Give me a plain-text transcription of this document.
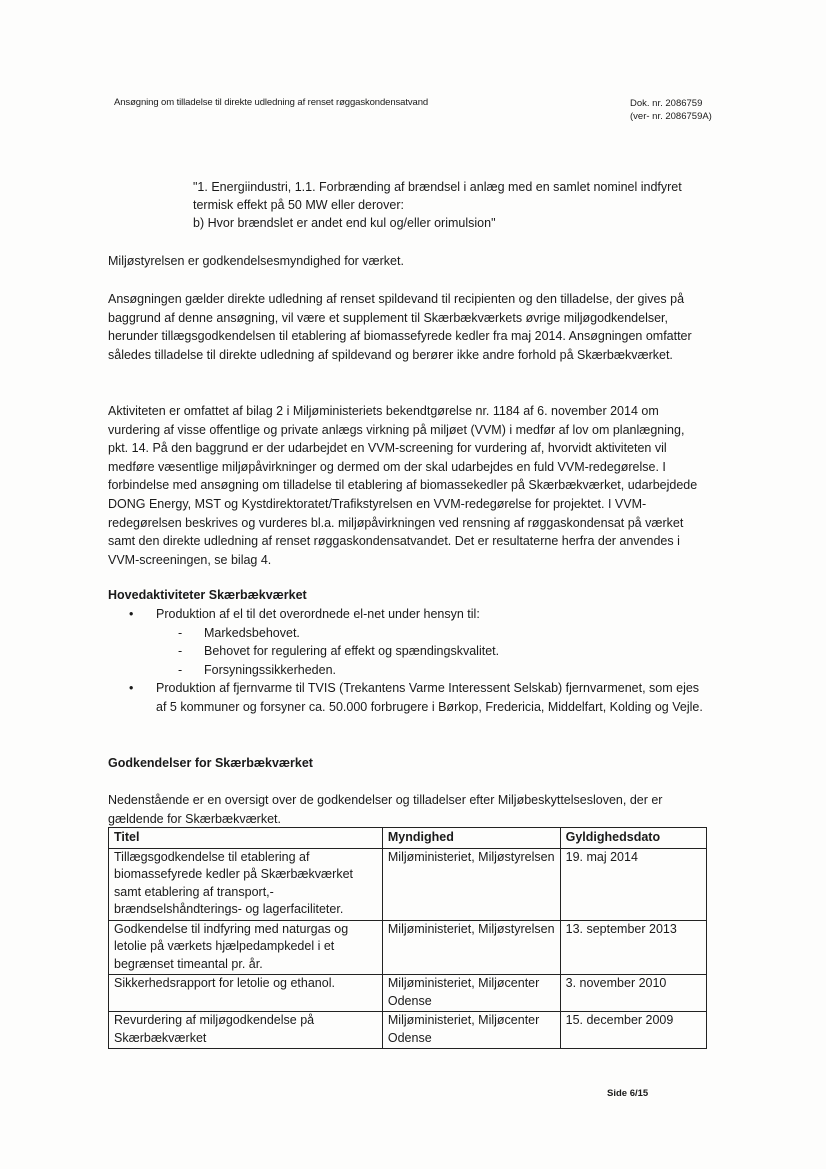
Ansøgning om tilladelse til direkte udledning af renset røggaskondensatvand	Dok. nr. 2086759
(ver- nr. 2086759A)
"1. Energiindustri, 1.1. Forbrænding af brændsel i anlæg med en samlet nominel indfyret termisk effekt på 50 MW eller derover:
b) Hvor brændslet er andet end kul og/eller orimulsion"

Miljøstyrelsen er godkendelsesmyndighed for værket.

Ansøgningen gælder direkte udledning af renset spildevand til recipienten og den tilladelse, der gives på baggrund af denne ansøgning, vil være et supplement til Skærbækværkets øvrige miljøgodkendelser, herunder tillægsgodkendelsen til etablering af biomassefyrede kedler fra maj 2014. Ansøgningen omfatter således tilladelse til direkte udledning af spildevand og berører ikke andre forhold på Skærbækværket.

Aktiviteten er omfattet af bilag 2 i Miljøministeriets bekendtgørelse nr. 1184 af 6. november 2014 om vurdering af visse offentlige og private anlægs virkning på miljøet (VVM) i medfør af lov om planlægning, pkt. 14. På den baggrund er der udarbejdet en VVM-screening for vurdering af, hvorvidt aktiviteten vil medføre væsentlige miljøpåvirkninger og dermed om der skal udarbejdes en fuld VVM-redegørelse. I forbindelse med ansøgning om tilladelse til etablering af biomassekedler på Skærbækværket, udarbejdede DONG Energy, MST og Kystdirektoratet/Trafikstyrelsen en VVM-redegørelse for projektet. I VVM-redegørelsen beskrives og vurderes bl.a. miljøpåvirkningen ved rensning af røggaskondensat på værket samt den direkte udledning af renset røggaskondensatvandet. Det er resultaterne herfra der anvendes i VVM-screeningen, se bilag 4.

Hovedaktiviteter Skærbækværket
• Produktion af el til det overordnede el-net under hensyn til:
- Markedsbehovet.
- Behovet for regulering af effekt og spændingskvalitet.
- Forsyningssikkerheden.
• Produktion af fjernvarme til TVIS (Trekantens Varme Interessent Selskab) fjernvarmenet, som ejes af 5 kommuner og forsyner ca. 50.000 forbrugere i Børkop, Fredericia, Middelfart, Kolding og Vejle.
Godkendelser for Skærbækværket

Nedenstående er en oversigt over de godkendelser og tilladelser efter Miljøbeskyttelsesloven, der er gældende for Skærbækværket.

Titel	Myndighed	Gyldighedsdato
Tillægsgodkendelse til etablering af biomassefyrede kedler på Skærbækværket samt etablering af transport,- brændselshåndterings- og lagerfaciliteter.	Miljøministeriet, Miljøstyrelsen	19. maj 2014
Godkendelse til indfyring med naturgas og letolie på værkets hjælpedampkedel i et begrænset timeantal pr. år.	Miljøministeriet, Miljøstyrelsen	13. september 2013
Sikkerhedsrapport for letolie og ethanol.	Miljøministeriet, Miljøcenter Odense	3. november 2010
Revurdering af miljøgodkendelse på Skærbækværket	Miljøministeriet, Miljøcenter Odense	15. december 2009
Side 6/15
